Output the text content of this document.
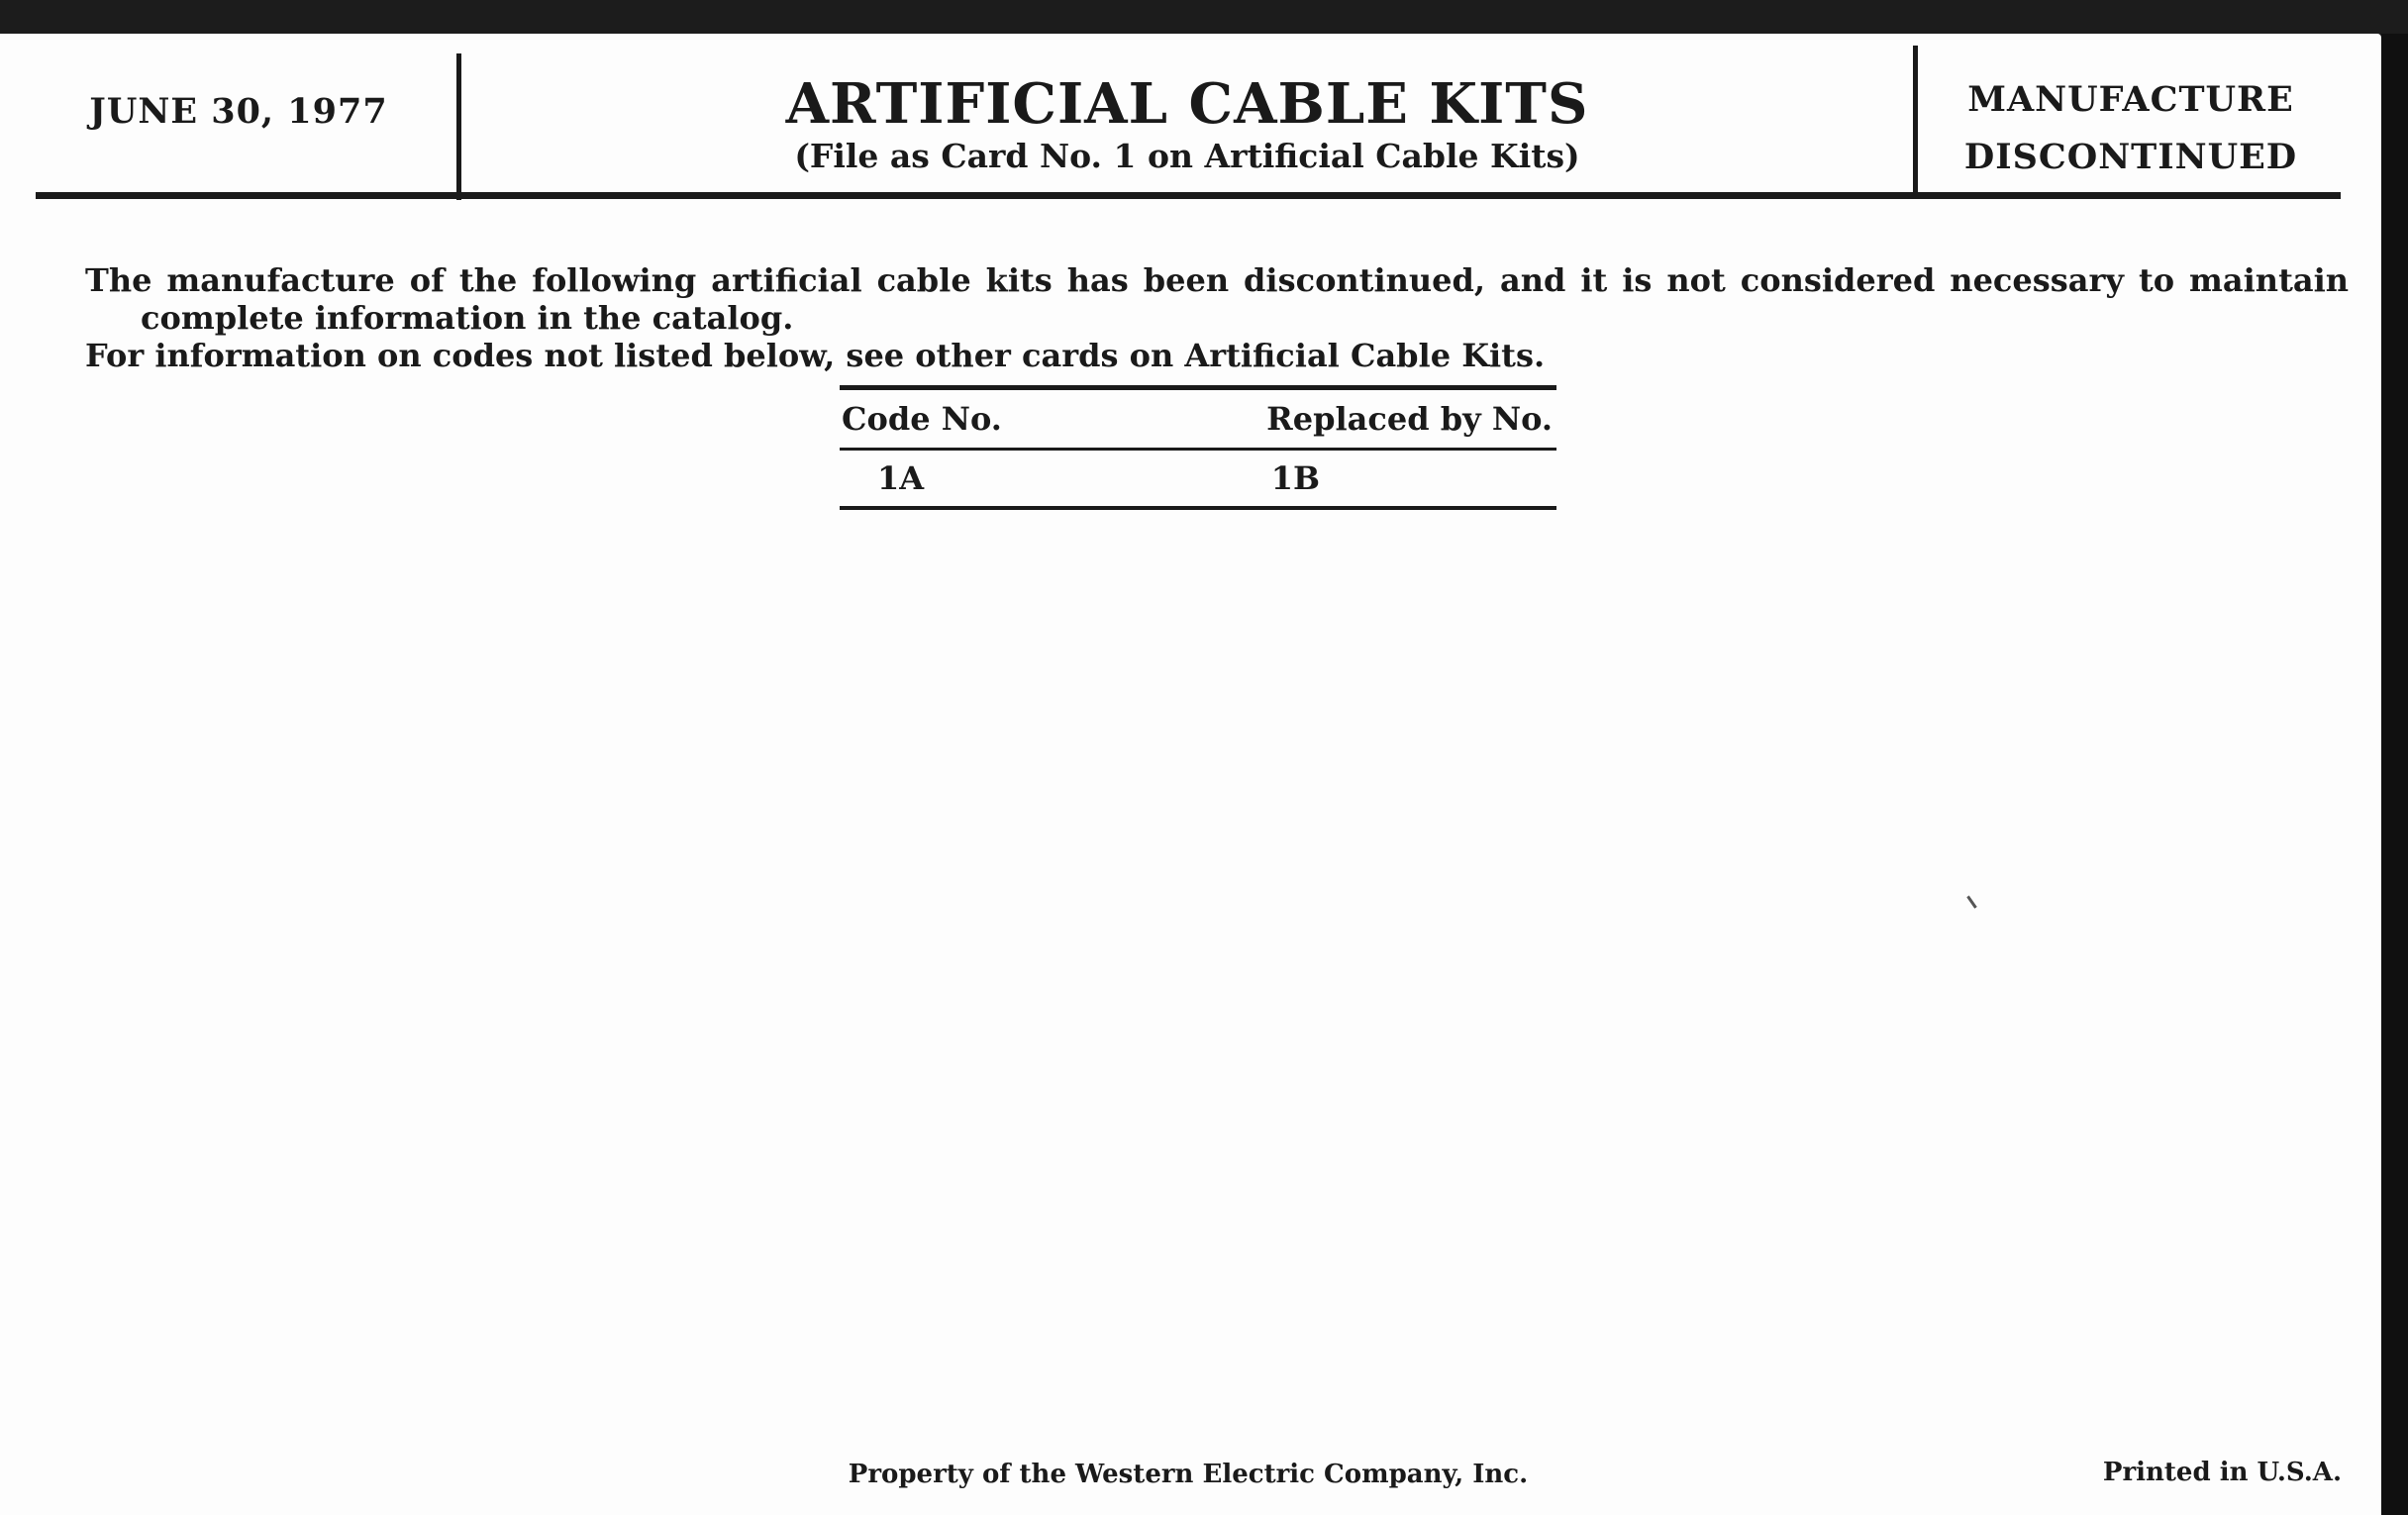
JUNE 30, 1977	ARTIFICIAL CABLE KITS
(File as Card No. 1 on Artificial Cable Kits)
MANUFACTURE
DISCONTINUED
The manufacture of the following artificial cable kits has been discontinued, and it is not considered necessary to maintain complete information in the catalog.
For information on codes not listed below, see other cards on Artificial Cable Kits.
Code No.	Replaced by No.
1A	1B
Property of the Western Electric Company, Inc.	Printed in U.S.A.
